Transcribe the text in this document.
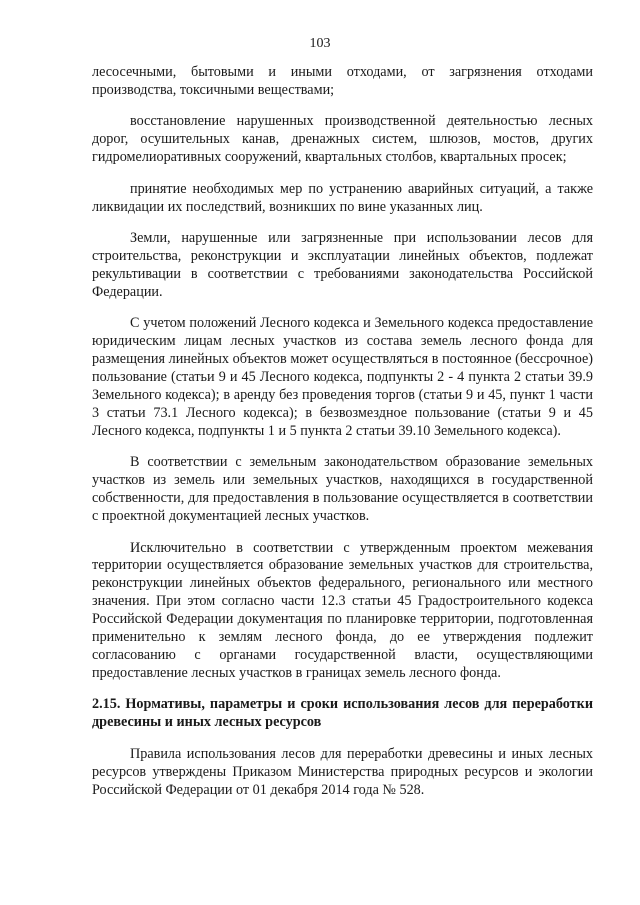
103

лесосечными, бытовыми и иными отходами, от загрязнения отходами производства, токсичными веществами;

восстановление нарушенных производственной деятельностью лесных дорог, осушительных канав, дренажных систем, шлюзов, мостов, других гидромелиоративных сооружений, квартальных столбов, квартальных просек;

принятие необходимых мер по устранению аварийных ситуаций, а также ликвидации их последствий, возникших по вине указанных лиц.

Земли, нарушенные или загрязненные при использовании лесов для строительства, реконструкции и эксплуатации линейных объектов, подлежат рекультивации в соответствии с требованиями законодательства Российской Федерации.

С учетом положений Лесного кодекса и Земельного кодекса предоставление юридическим лицам лесных участков из состава земель лесного фонда для размещения линейных объектов может осуществляться в постоянное (бессрочное) пользование (статьи 9 и 45 Лесного кодекса, подпункты 2 - 4 пункта 2 статьи 39.9 Земельного кодекса); в аренду без проведения торгов (статьи 9 и 45, пункт 1 части 3 статьи 73.1 Лесного кодекса); в безвозмездное пользование (статьи 9 и 45 Лесного кодекса, подпункты 1 и 5 пункта 2 статьи 39.10 Земельного кодекса).

В соответствии с земельным законодательством образование земельных участков из земель или земельных участков, находящихся в государственной собственности, для предоставления в пользование осуществляется в соответствии с проектной документацией лесных участков.

Исключительно в соответствии с утвержденным проектом межевания территории осуществляется образование земельных участков для строительства, реконструкции линейных объектов федерального, регионального или местного значения. При этом согласно части 12.3 статьи 45 Градостроительного кодекса Российской Федерации документация по планировке территории, подготовленная применительно к землям лесного фонда, до ее утверждения подлежит согласованию с органами государственной власти, осуществляющими предоставление лесных участков в границах земель лесного фонда.

2.15. Нормативы, параметры и сроки использования лесов для переработки древесины и иных лесных ресурсов

Правила использования лесов для переработки древесины и иных лесных ресурсов утверждены Приказом Министерства природных ресурсов и экологии Российской Федерации от 01 декабря 2014 года № 528.
